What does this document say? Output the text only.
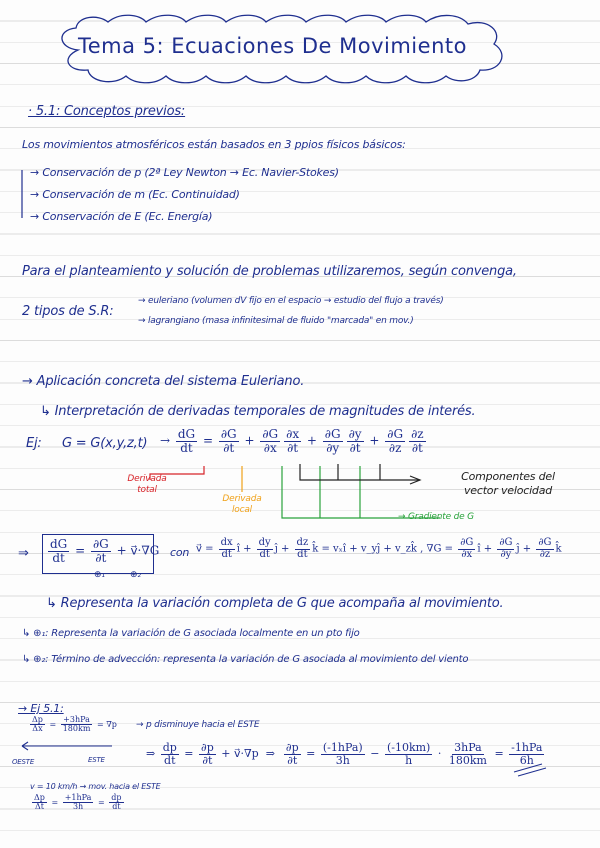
Tema 5: Ecuaciones De Movimiento
· 5.1: Conceptos previos:
Los movimientos atmosféricos están basados en 3 ppios físicos básicos:
→ Conservación de p (2ª Ley Newton → Ec. Navier-Stokes)
→ Conservación de m (Ec. Continuidad)
→ Conservación de E (Ec. Energía)
Para el planteamiento y solución de problemas utilizaremos, según convenga,
2 tipos de S.R:
→ euleriano (volumen dV fijo en el espacio → estudio del flujo a través)
→ lagrangiano (masa infinitesimal de fluido "marcada" en mov.)
→ Aplicación concreta del sistema Euleriano.
↳ Interpretación de derivadas temporales de magnitudes de interés.
Ej: $G = G(x,y,z,t) \to \frac{dG}{dt} = \frac{\partial G}{\partial t} + \frac{\partial G}{\partial x} \frac{\partial x}{\partial t} + \frac{\partial G}{\partial y} \frac{\partial y}{\partial t} + \frac{\partial G}{\partial z} \frac{\partial z}{\partial t}$
Derivada total
Derivada local
Componentes del vector velocidad
→ Gradiente de G
⇒ $\frac{dG}{dt} = \frac{\partial G}{\partial t}$ + v⃗·∇G
⊕₁	⊕₂
con v⃗ = $\frac{dx}{dt}$ î + $\frac{dy}{dt}$ ĵ + $\frac{dz}{dt}$ k̂ = vₓî + v_yĵ + v_zk̂ , $\nabla G = \frac{\partial G}{\partial x}$ î + $\frac{\partial G}{\partial y}$ ĵ + $\frac{\partial G}{\partial z}$ k̂
↳ Representa la variación completa de G que acompaña al movimiento.
↳ ⊕₁: Representa la variación de G asociada localmente en un pto fijo
↳ ⊕₂: Término de advección: representa la variación de G asociada al movimiento del viento
→ Ej 5.1:
$\frac{\Delta p}{\Delta x} = \frac{\text{+3hPa}}{180km} = \nabla p \to p$ disminuye hacia el ESTE
OESTE	ESTE	⇒ $\frac{dp}{dt} = \frac{\partial p}{\partial t}$ + v⃗·∇p  ⇒ $\frac{\partial p}{\partial t} = \frac{\text{(-1hPa)}}{3h} - \frac{(-10km)}{h} \cdot \frac{\text{3hPa}}{180km} = \frac{\text{-1hPa}}{6h}$
v = 10 km/h → mov. hacia el ESTE
$\frac{\Delta p}{\Delta t} = \frac{\text{+1hPa}}{3h} = \frac{dp}{dt}$
